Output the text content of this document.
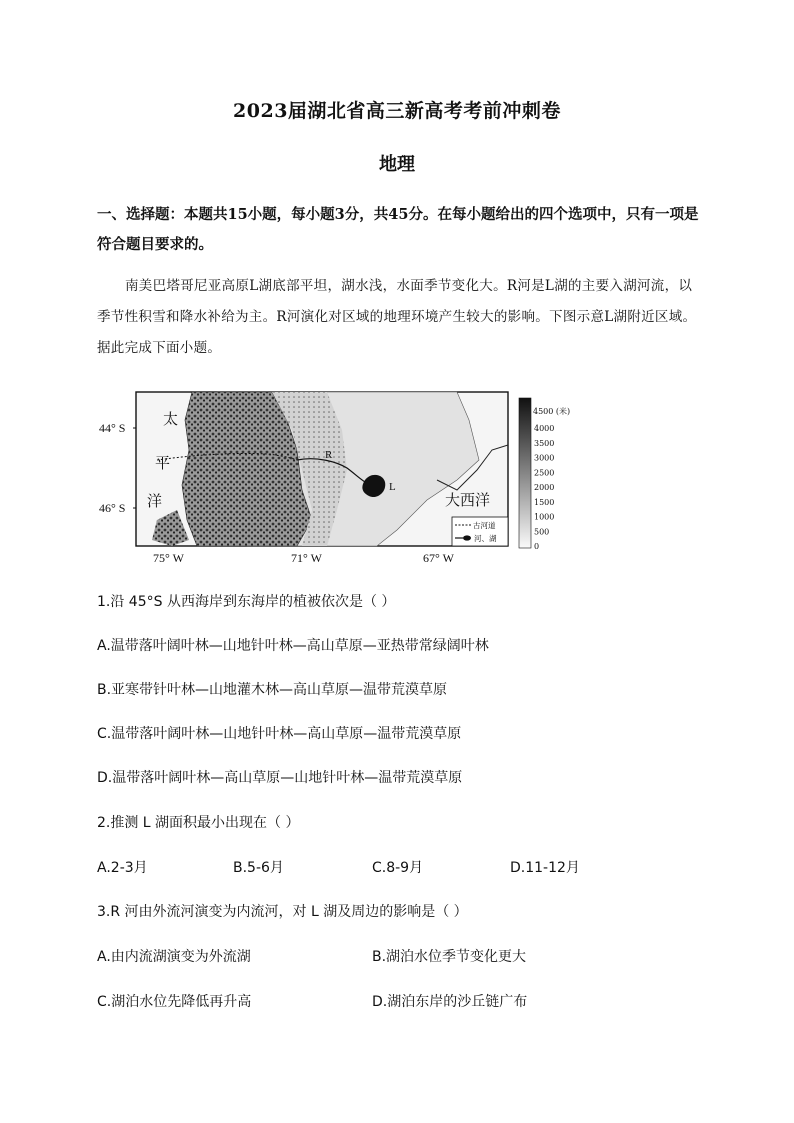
2023届湖北省高三新高考考前冲刺卷
地理
一、选择题：本题共15小题，每小题3分，共45分。在每小题给出的四个选项中，只有一项是符合题目要求的。
南美巴塔哥尼亚高原L湖底部平坦，湖水浅，水面季节变化大。R河是L湖的主要入湖河流，以季节性积雪和降水补给为主。R河演化对区域的地理环境产生较大的影响。下图示意L湖附近区域。据此完成下面小题。
R
L
太
平
洋	大西洋
44° S
46° S
75° W	71° W	67° W
古河道
河、湖
4500 (米)
4000
3500
3000
2500
2000
1500
1000
500
0
1.沿 45°S 从西海岸到东海岸的植被依次是（ ）
A.温带落叶阔叶林—山地针叶林—高山草原—亚热带常绿阔叶林
B.亚寒带针叶林—山地灌木林—高山草原—温带荒漠草原
C.温带落叶阔叶林—山地针叶林—高山草原—温带荒漠草原
D.温带落叶阔叶林—高山草原—山地针叶林—温带荒漠草原
2.推测 L 湖面积最小出现在（ ）
A.2-3月	B.5-6月	C.8-9月	D.11-12月
3.R 河由外流河演变为内流河，对 L 湖及周边的影响是（ ）
A.由内流湖演变为外流湖	B.湖泊水位季节变化更大
C.湖泊水位先降低再升高	D.湖泊东岸的沙丘链广布
